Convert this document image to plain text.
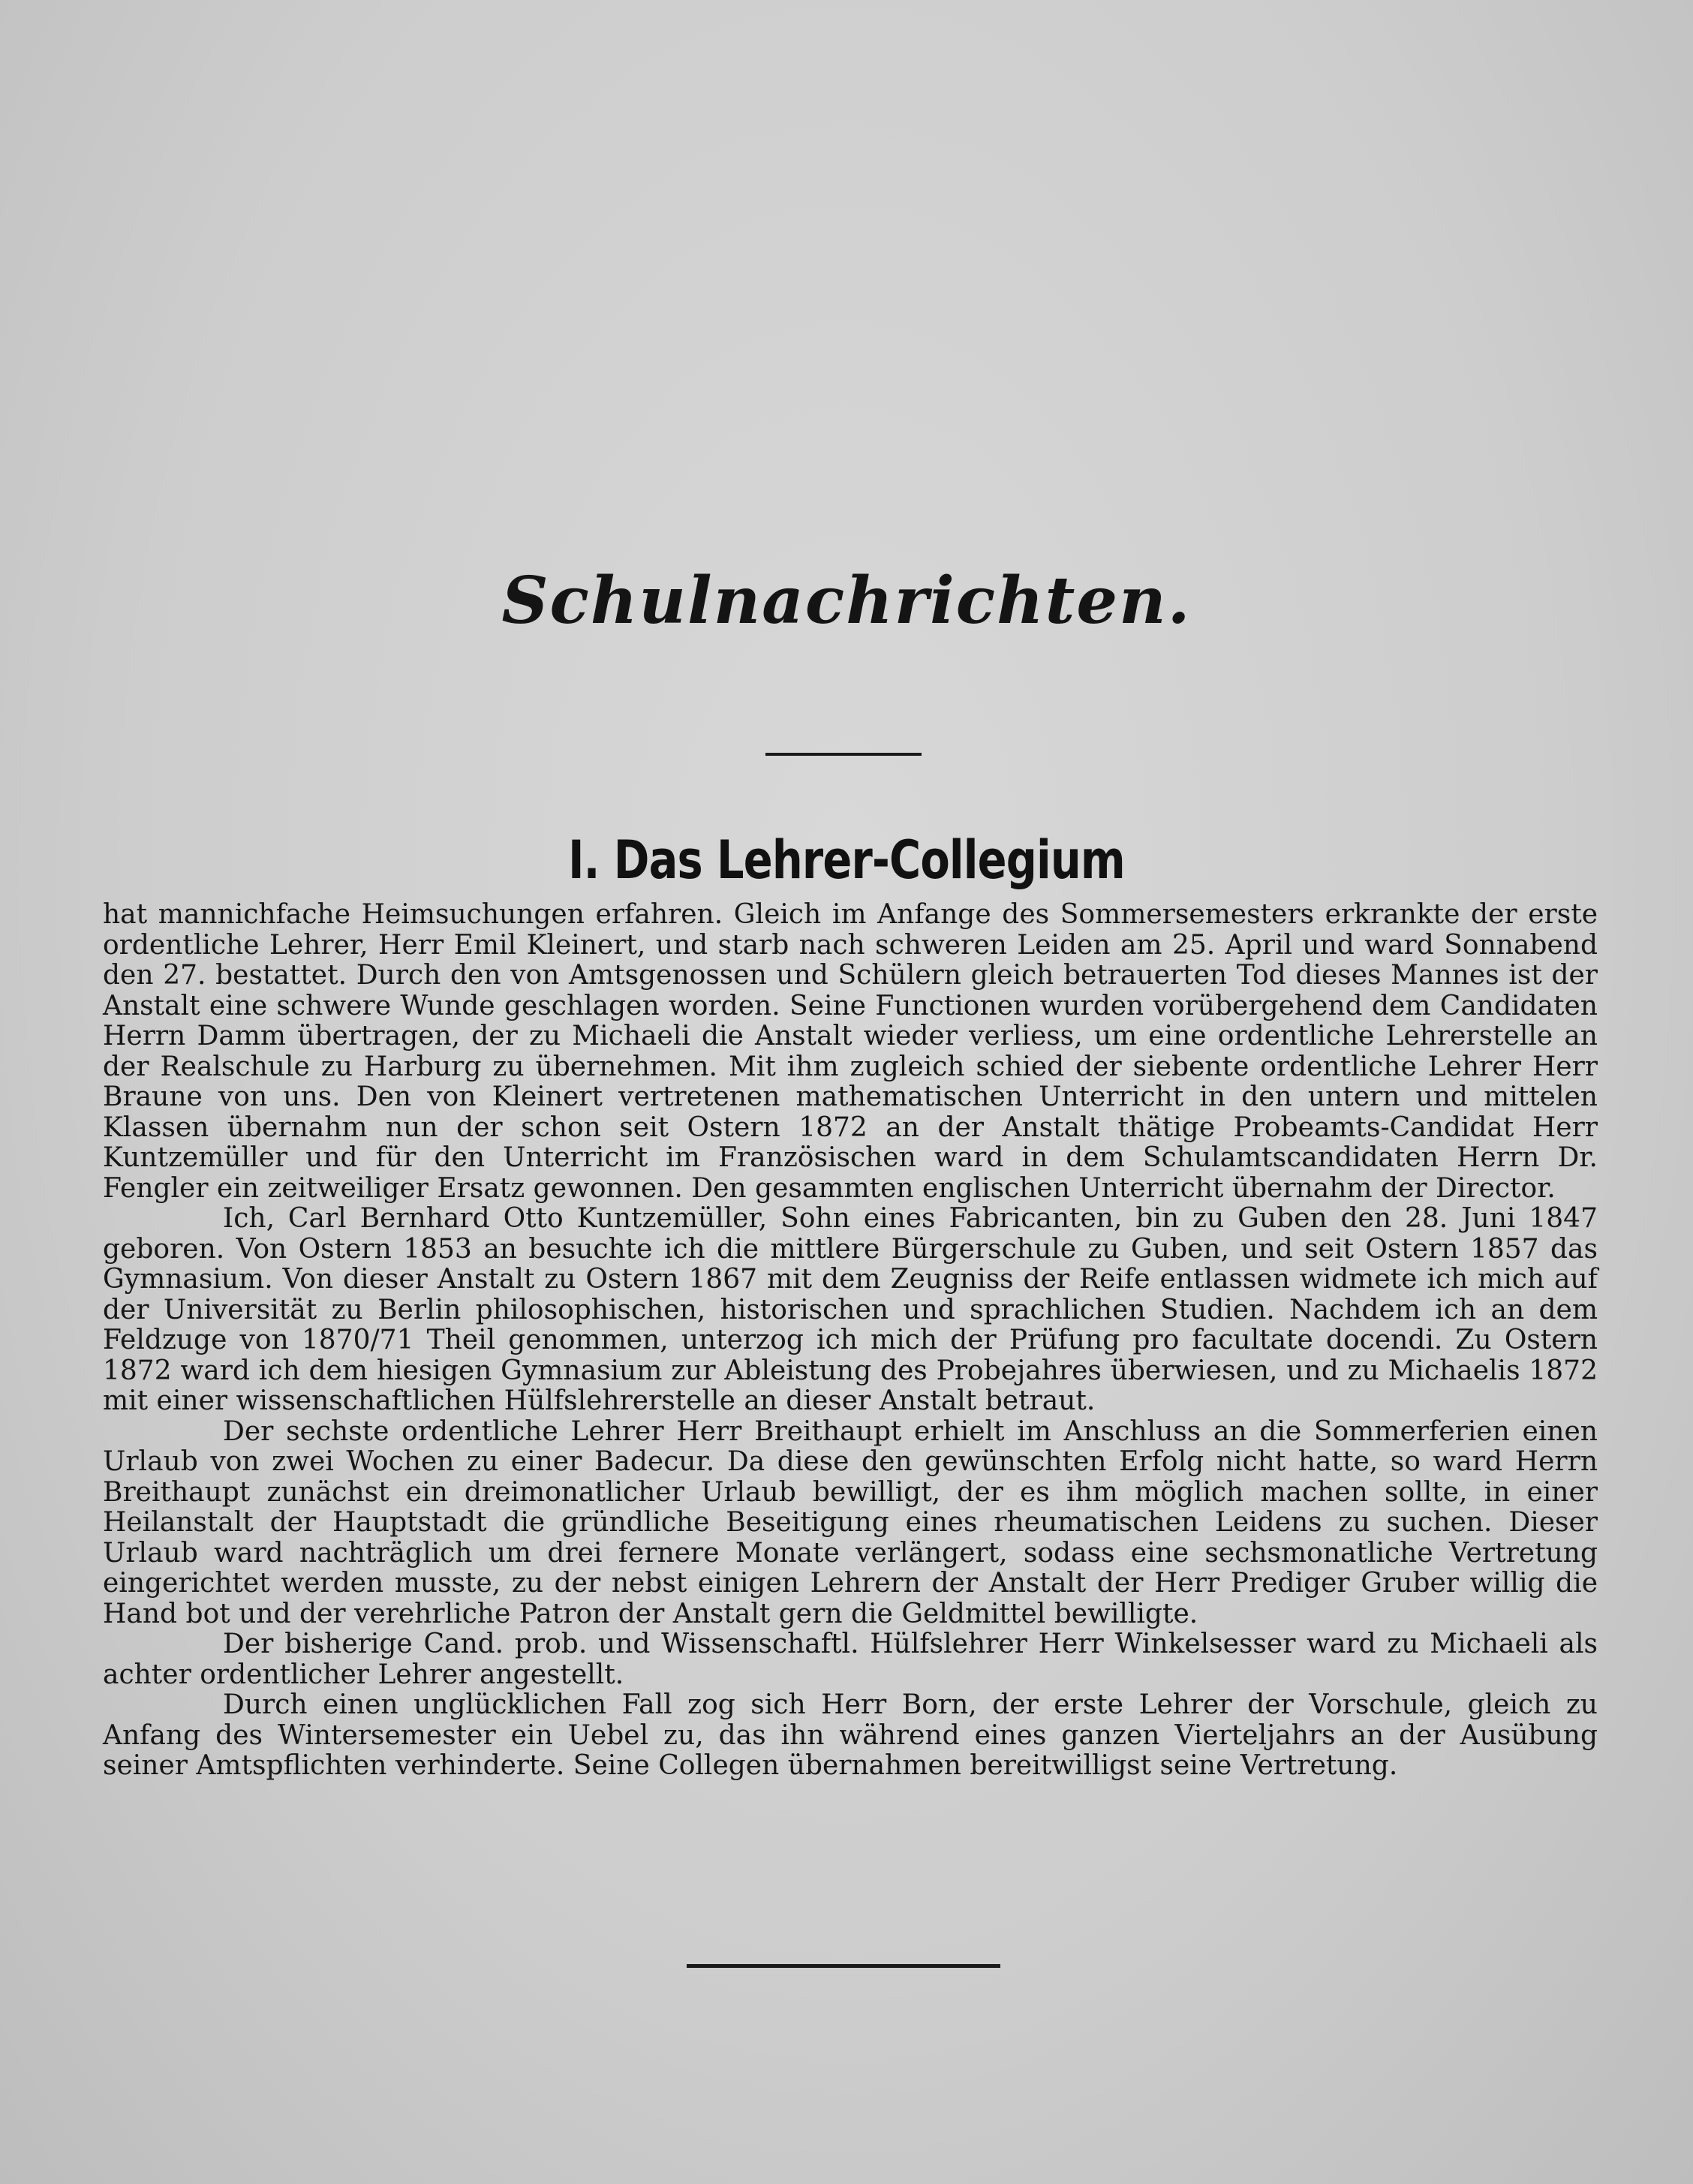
Schulnachrichten.
I. Das Lehrer-Collegium

hat mannichfache Heimsuchungen erfahren. Gleich im Anfange des Sommersemesters erkrankte der erste ordentliche Lehrer, Herr Emil Kleinert, und starb nach schweren Leiden am 25. April und ward Sonnabend den 27. bestattet. Durch den von Amtsgenossen und Schülern gleich betrauerten Tod dieses Mannes ist der Anstalt eine schwere Wunde geschlagen worden. Seine Functionen wurden vorübergehend dem Candidaten Herrn Damm übertragen, der zu Michaeli die Anstalt wieder verliess, um eine ordentliche Lehrerstelle an der Realschule zu Harburg zu übernehmen. Mit ihm zugleich schied der siebente ordentliche Lehrer Herr Braune von uns. Den von Kleinert vertretenen mathematischen Unterricht in den untern und mittelen Klassen übernahm nun der schon seit Ostern 1872 an der Anstalt thätige Probeamts-Candidat Herr Kuntzemüller und für den Unterricht im Französischen ward in dem Schulamtscandidaten Herrn Dr. Fengler ein zeitweiliger Ersatz gewonnen. Den gesammten englischen Unterricht übernahm der Director.

Ich, Carl Bernhard Otto Kuntzemüller, Sohn eines Fabricanten, bin zu Guben den 28. Juni 1847 geboren. Von Ostern 1853 an besuchte ich die mittlere Bürgerschule zu Guben, und seit Ostern 1857 das Gymnasium. Von dieser Anstalt zu Ostern 1867 mit dem Zeugniss der Reife entlassen widmete ich mich auf der Universität zu Berlin philosophischen, historischen und sprachlichen Studien. Nachdem ich an dem Feldzuge von 1870/71 Theil genommen, unterzog ich mich der Prüfung pro facultate docendi. Zu Ostern 1872 ward ich dem hiesigen Gymnasium zur Ableistung des Probejahres überwiesen, und zu Michaelis 1872 mit einer wissenschaftlichen Hülfslehrerstelle an dieser Anstalt betraut.

Der sechste ordentliche Lehrer Herr Breithaupt erhielt im Anschluss an die Sommerferien einen Urlaub von zwei Wochen zu einer Badecur. Da diese den gewünschten Erfolg nicht hatte, so ward Herrn Breithaupt zunächst ein dreimonatlicher Urlaub bewilligt, der es ihm möglich machen sollte, in einer Heilanstalt der Hauptstadt die gründliche Beseitigung eines rheumatischen Leidens zu suchen. Dieser Urlaub ward nachträglich um drei fernere Monate verlängert, sodass eine sechsmonatliche Vertretung eingerichtet werden musste, zu der nebst einigen Lehrern der Anstalt der Herr Prediger Gruber willig die Hand bot und der verehrliche Patron der Anstalt gern die Geldmittel bewilligte.

Der bisherige Cand. prob. und Wissenschaftl. Hülfslehrer Herr Winkelsesser ward zu Michaeli als achter ordentlicher Lehrer angestellt.

Durch einen unglücklichen Fall zog sich Herr Born, der erste Lehrer der Vorschule, gleich zu Anfang des Wintersemester ein Uebel zu, das ihn während eines ganzen Vierteljahrs an der Ausübung seiner Amtspflichten verhinderte. Seine Collegen übernahmen bereitwilligst seine Vertretung.
